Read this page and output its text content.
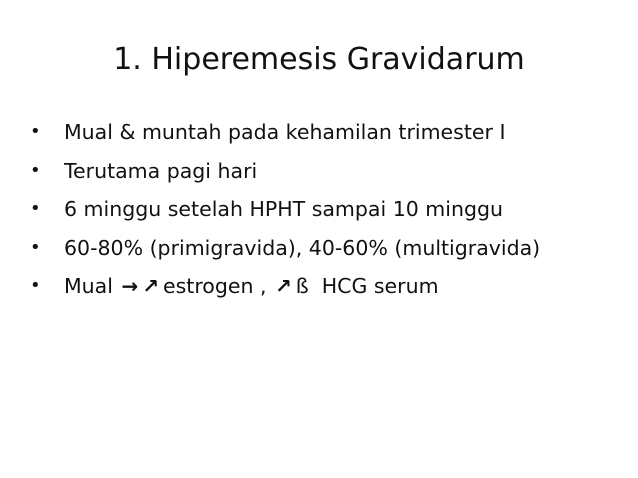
1. Hiperemesis Gravidarum
•	Mual & muntah pada kehamilan trimester I
•	Terutama pagi hari
•	6 minggu setelah HPHT sampai 10 minggu
•	60-80% (primigravida), 40-60% (multigravida)
•	Mual → ↗ estrogen , ↗ ß  HCG serum
